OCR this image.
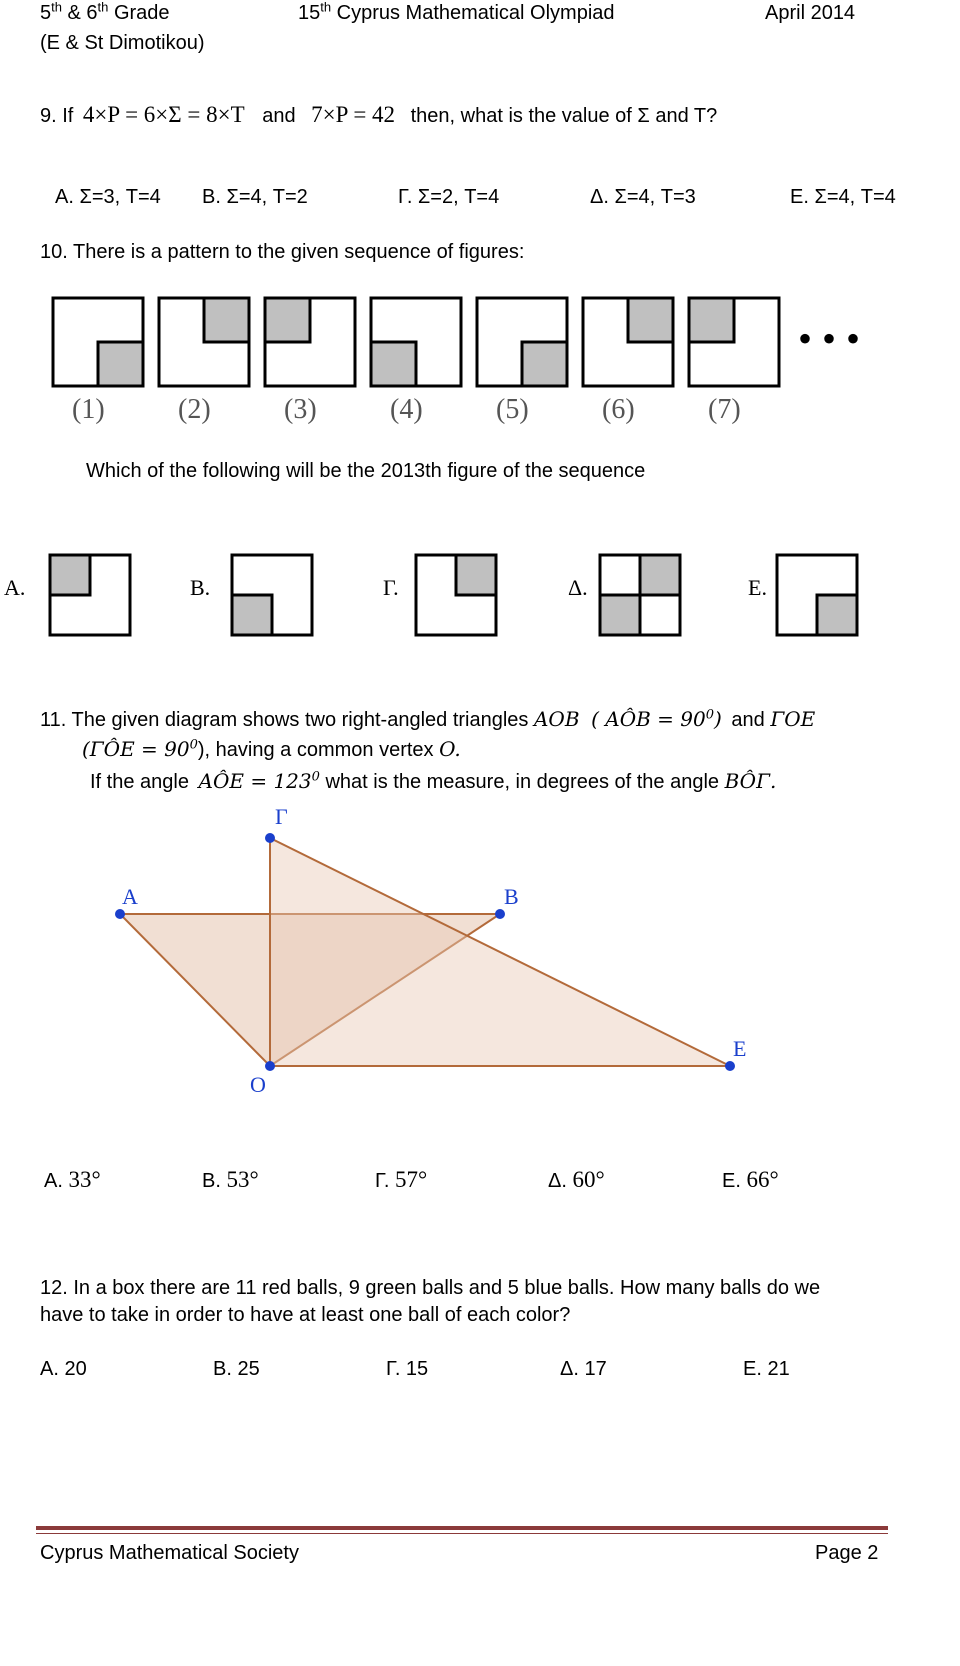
5th & 6th Grade
(E & St Dimotikou)
15th Cyprus Mathematical Olympiad	April 2014
9. If 4×P = 6×Σ = 8×T and 7×P = 42 then, what is the value of Σ and T?
Α. Σ=3, T=4 Β. Σ=4, T=2	Γ. Σ=2, T=4	Δ. Σ=4, T=3	Ε. Σ=4, T=4
10. There is a pattern to the given sequence of figures:
(1)	(2)	(3)	(4)	(5)	(6)	(7)
• • •
Which of the following will be the 2013th figure of the sequence
Α.	Β.	Γ.	Δ.	Ε.
11. The given diagram shows two right-angled triangles AOB ( AÔB = $90^0$) and ΓOE
(ΓÔE = $90^0$), having a common vertex O.
If the angle AÔE = $123^0$ what is the measure, in degrees of the angle BÔΓ.
Γ
A	B
E
O
Α. 33°	Β. 53°	Γ. 57°	Δ. 60°	Ε. 66°
12. In a box there are 11 red balls, 9 green balls and 5 blue balls. How many balls do we
have to take in order to have at least one ball of each color?
Α. 20	Β. 25	Γ. 15	Δ. 17	Ε. 21
Cyprus Mathematical Society	Page 2
